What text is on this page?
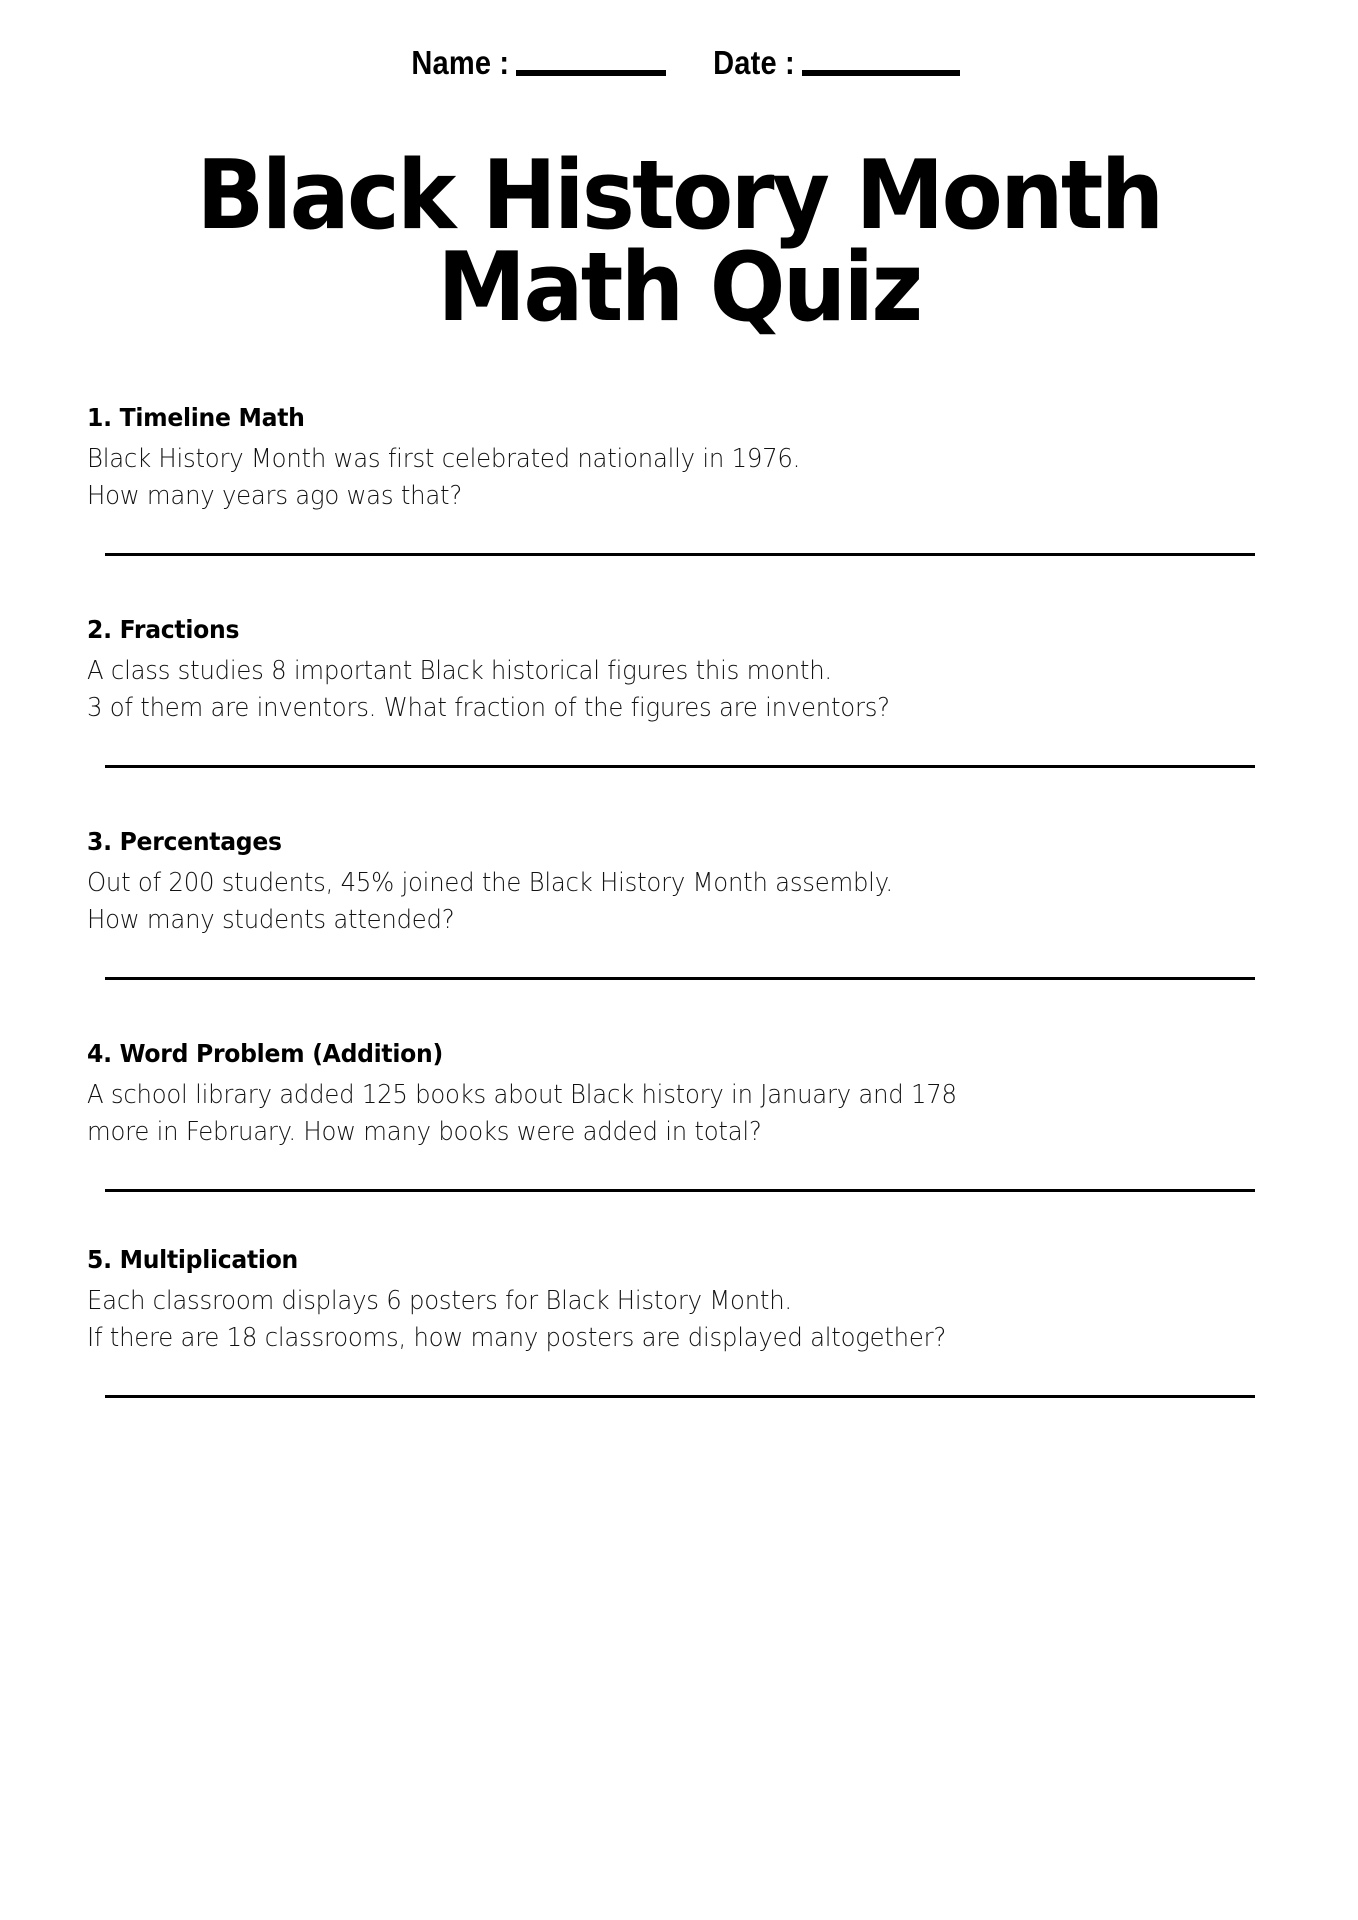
Name :	Date :
Black History Month
Math Quiz

1. Timeline Math

Black History Month was first celebrated nationally in 1976.

How many years ago was that?

2. Fractions

A class studies 8 important Black historical figures this month.

3 of them are inventors. What fraction of the figures are inventors?

3. Percentages

Out of 200 students, 45% joined the Black History Month assembly.

How many students attended?

4. Word Problem (Addition)

A school library added 125 books about Black history in January and 178

more in February. How many books were added in total?

5. Multiplication

Each classroom displays 6 posters for Black History Month.

If there are 18 classrooms, how many posters are displayed altogether?
